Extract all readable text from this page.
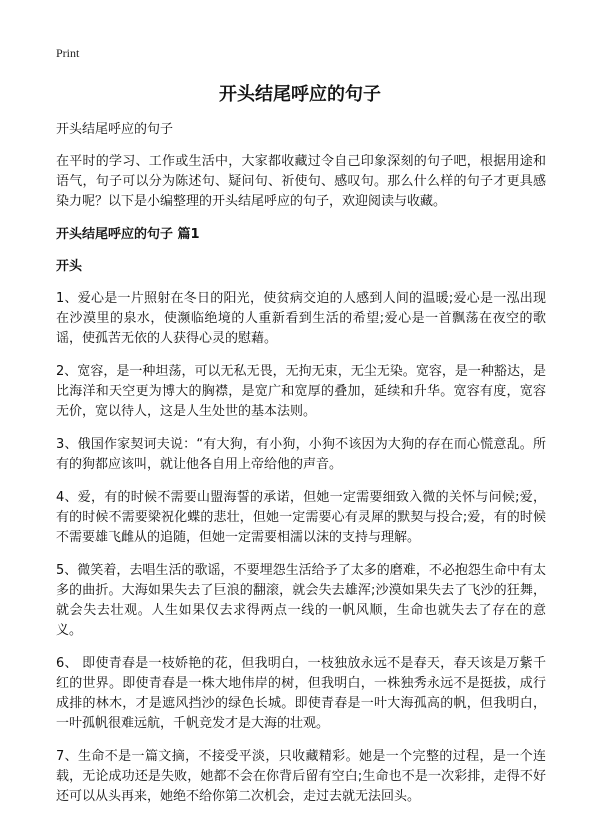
Print
开头结尾呼应的句子

开头结尾呼应的句子

在平时的学习、工作或生活中，大家都收藏过令自己印象深刻的句子吧，根据用途和语气，句子可以分为陈述句、疑问句、祈使句、感叹句。那么什么样的句子才更具感染力呢？以下是小编整理的开头结尾呼应的句子，欢迎阅读与收藏。

开头结尾呼应的句子 篇1

开头

1、爱心是一片照射在冬日的阳光，使贫病交迫的人感到人间的温暖;爱心是一泓出现在沙漠里的泉水，使濒临绝境的人重新看到生活的希望;爱心是一首飘荡在夜空的歌谣，使孤苦无依的人获得心灵的慰藉。

2、宽容，是一种坦荡，可以无私无畏，无拘无束，无尘无染。宽容，是一种豁达，是比海洋和天空更为博大的胸襟，是宽广和宽厚的叠加，延续和升华。宽容有度，宽容无价，宽以待人，这是人生处世的基本法则。

3、俄国作家契诃夫说：“有大狗，有小狗，小狗不该因为大狗的存在而心慌意乱。所有的狗都应该叫，就让他各自用上帝给他的声音。

4、爱，有的时候不需要山盟海誓的承诺，但她一定需要细致入微的关怀与问候;爱，有的时候不需要梁祝化蝶的悲壮，但她一定需要心有灵犀的默契与投合;爱，有的时候不需要雄飞雌从的追随，但她一定需要相濡以沫的支持与理解。

5、微笑着，去唱生活的歌谣，不要埋怨生活给予了太多的磨难，不必抱怨生命中有太多的曲折。大海如果失去了巨浪的翻滚，就会失去雄浑;沙漠如果失去了飞沙的狂舞，就会失去壮观。人生如果仅去求得两点一线的一帆风顺，生命也就失去了存在的意义。

6、 即使青春是一枝娇艳的花，但我明白，一枝独放永远不是春天，春天该是万紫千红的世界。即使青春是一株大地伟岸的树，但我明白，一株独秀永远不是挺拔，成行成排的林木，才是遮风挡沙的绿色长城。即使青春是一叶大海孤高的帆，但我明白，一叶孤帆很难远航，千帆竞发才是大海的壮观。

7、生命不是一篇文摘，不接受平淡，只收藏精彩。她是一个完整的过程，是一个连载，无论成功还是失败，她都不会在你背后留有空白;生命也不是一次彩排，走得不好还可以从头再来，她绝不给你第二次机会，走过去就无法回头。
